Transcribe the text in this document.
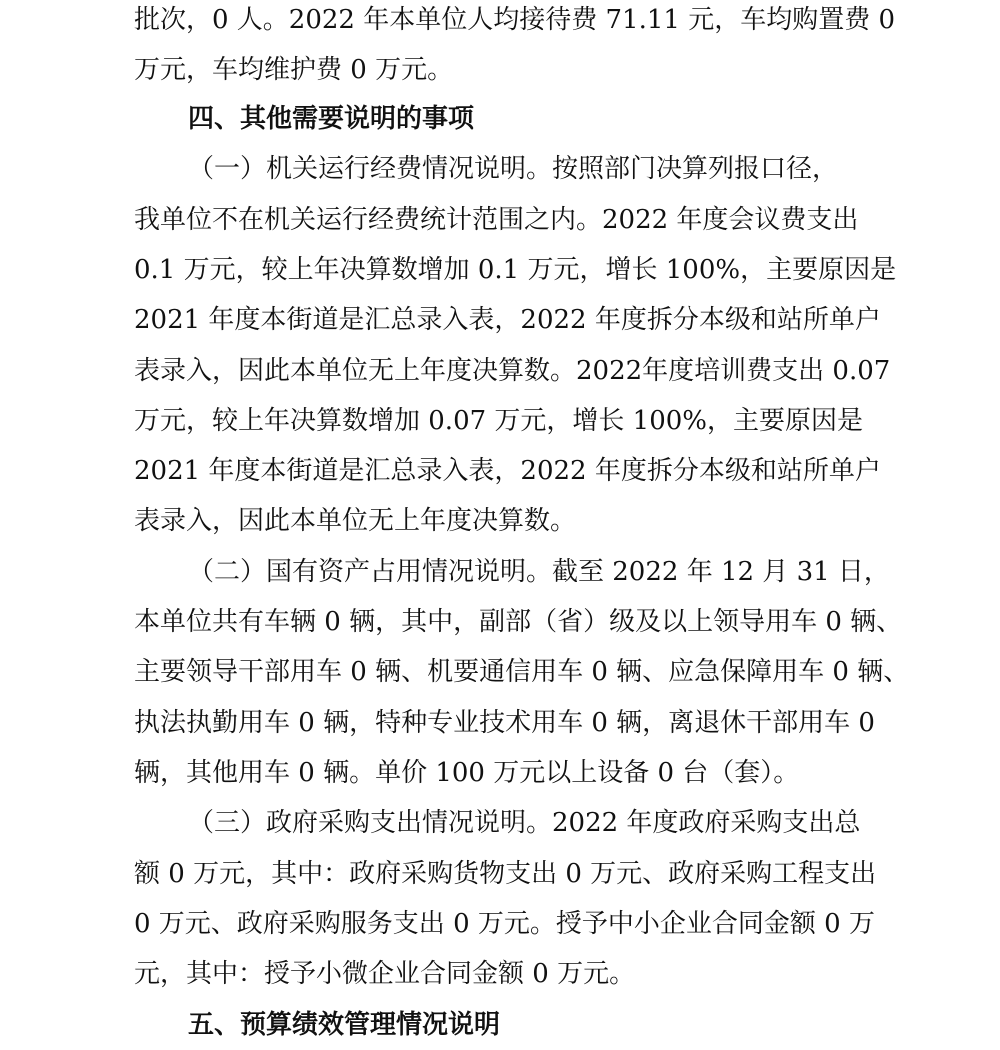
批次，0 人。2022 年本单位人均接待费 71.11 元，车均购置费 0

万元，车均维护费 0 万元。

四、其他需要说明的事项

（一）机关运行经费情况说明。按照部门决算列报口径，

我单位不在机关运行经费统计范围之内。2022 年度会议费支出

0.1 万元，较上年决算数增加 0.1 万元，增长 100%，主要原因是

2021 年度本街道是汇总录入表，2022 年度拆分本级和站所单户

表录入，因此本单位无上年度决算数。2022年度培训费支出 0.07

万元，较上年决算数增加 0.07 万元，增长 100%，主要原因是

2021 年度本街道是汇总录入表，2022 年度拆分本级和站所单户

表录入，因此本单位无上年度决算数。

（二）国有资产占用情况说明。截至 2022 年 12 月 31 日，

本单位共有车辆 0 辆，其中，副部（省）级及以上领导用车 0 辆、

主要领导干部用车 0 辆、机要通信用车 0 辆、应急保障用车 0 辆、

执法执勤用车 0 辆，特种专业技术用车 0 辆，离退休干部用车 0

辆，其他用车 0 辆。单价 100 万元以上设备 0 台（套）。

（三）政府采购支出情况说明。2022 年度政府采购支出总

额 0 万元，其中：政府采购货物支出 0 万元、政府采购工程支出

0 万元、政府采购服务支出 0 万元。授予中小企业合同金额 0 万

元，其中：授予小微企业合同金额 0 万元。

五、预算绩效管理情况说明
